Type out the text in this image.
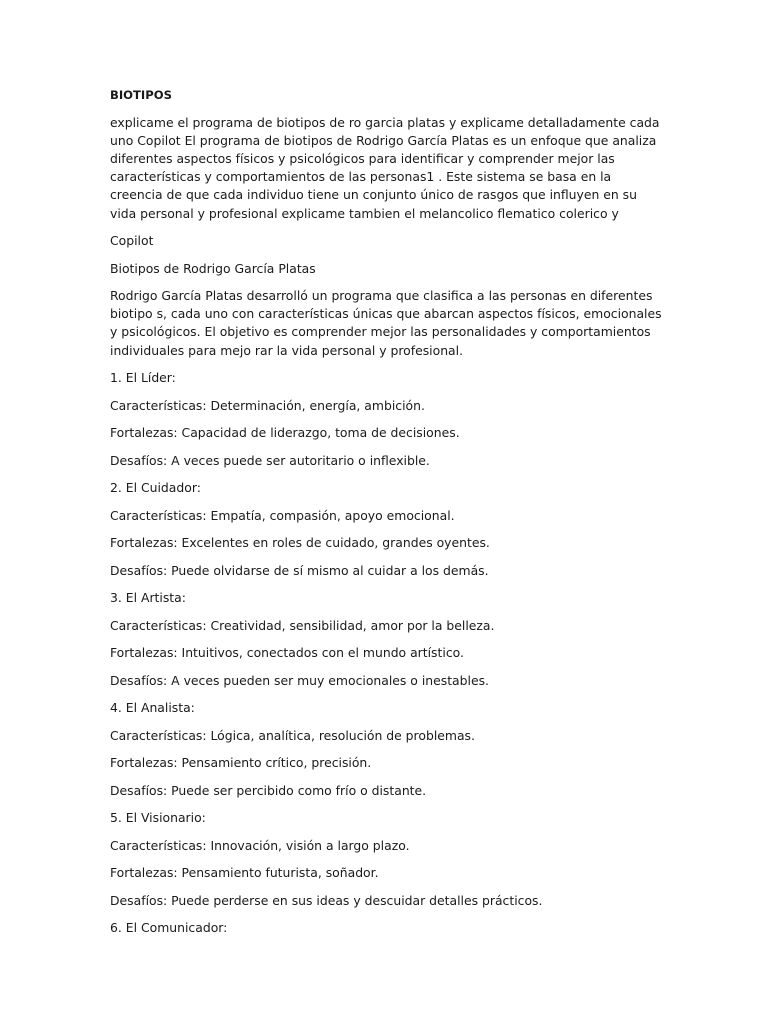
BIOTIPOS

explicame el programa de biotipos de ro garcia platas y explicame detalladamente cada uno Copilot El programa de biotipos de Rodrigo García Platas es un enfoque que analiza diferentes aspectos físicos y psicológicos para identificar y comprender mejor las características y comportamientos de las personas1 . Este sistema se basa en la creencia de que cada individuo tiene un conjunto único de rasgos que influyen en su vida personal y profesional explicame tambien el melancolico flematico colerico y

Copilot

Biotipos de Rodrigo García Platas

Rodrigo García Platas desarrolló un programa que clasifica a las personas en diferentes biotipo s, cada uno con características únicas que abarcan aspectos físicos, emocionales y psicológicos. El objetivo es comprender mejor las personalidades y comportamientos individuales para mejo rar la vida personal y profesional.

1. El Líder:

Características: Determinación, energía, ambición.

Fortalezas: Capacidad de liderazgo, toma de decisiones.

Desafíos: A veces puede ser autoritario o inflexible.

2. El Cuidador:

Características: Empatía, compasión, apoyo emocional.

Fortalezas: Excelentes en roles de cuidado, grandes oyentes.

Desafíos: Puede olvidarse de sí mismo al cuidar a los demás.

3. El Artista:

Características: Creatividad, sensibilidad, amor por la belleza.

Fortalezas: Intuitivos, conectados con el mundo artístico.

Desafíos: A veces pueden ser muy emocionales o inestables.

4. El Analista:

Características: Lógica, analítica, resolución de problemas.

Fortalezas: Pensamiento crítico, precisión.

Desafíos: Puede ser percibido como frío o distante.

5. El Visionario:

Características: Innovación, visión a largo plazo.

Fortalezas: Pensamiento futurista, soñador.

Desafíos: Puede perderse en sus ideas y descuidar detalles prácticos.

6. El Comunicador:
